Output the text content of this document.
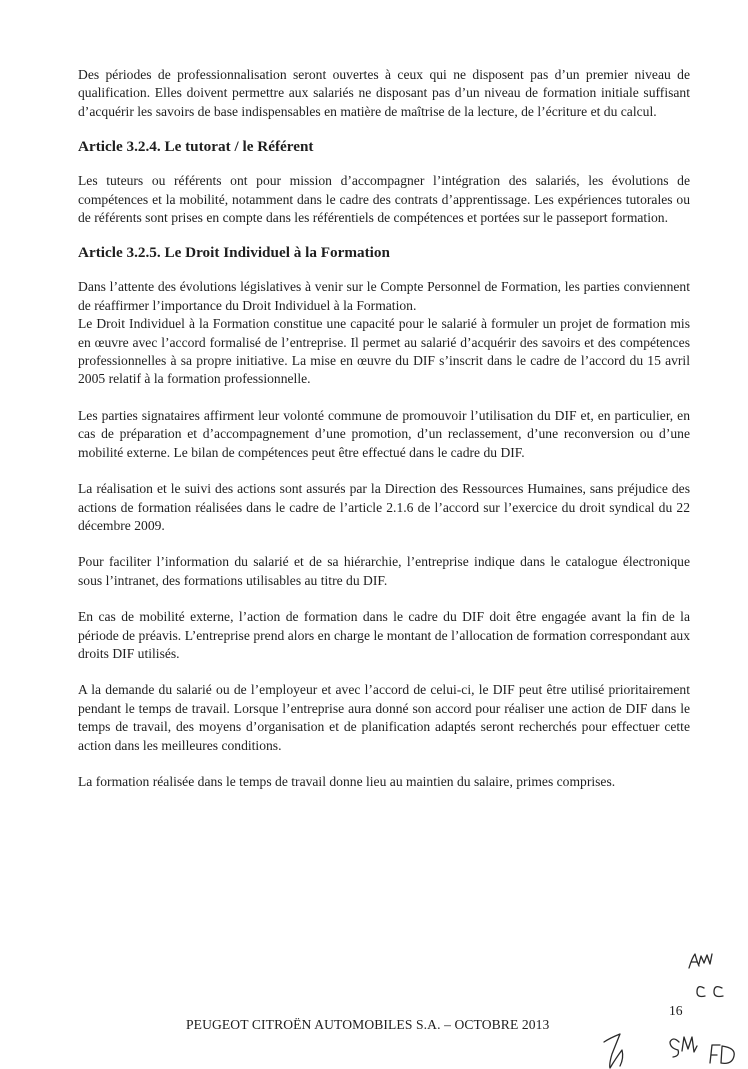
Des périodes de professionnalisation seront ouvertes à ceux qui ne disposent pas d’un premier niveau de qualification. Elles doivent permettre aux salariés ne disposant pas d’un niveau de formation initiale suffisant d’acquérir les savoirs de base indispensables en matière de maîtrise de la lecture, de l’écriture et du calcul.

Article 3.2.4. Le tutorat / le Référent

Les tuteurs ou référents ont pour mission d’accompagner l’intégration des salariés, les évolutions de compétences et la mobilité, notamment dans le cadre des contrats d’apprentissage. Les expériences tutorales ou de référents sont prises en compte dans les référentiels de compétences et portées sur le passeport formation.

Article 3.2.5. Le Droit Individuel à la Formation

Dans l’attente des évolutions législatives à venir sur le Compte Personnel de Formation, les parties conviennent de réaffirmer l’importance du Droit Individuel à la Formation.

Le Droit Individuel à la Formation constitue une capacité pour le salarié à formuler un projet de formation mis en œuvre avec l’accord formalisé de l’entreprise. Il permet au salarié d’acquérir des savoirs et des compétences professionnelles à sa propre initiative. La mise en œuvre du DIF s’inscrit dans le cadre de l’accord du 15 avril 2005 relatif à la formation professionnelle.

Les parties signataires affirment leur volonté commune de promouvoir l’utilisation du DIF et, en particulier, en cas de préparation et d’accompagnement d’une promotion, d’un reclassement, d’une reconversion ou d’une mobilité externe. Le bilan de compétences peut être effectué dans le cadre du DIF.

La réalisation et le suivi des actions sont assurés par la Direction des Ressources Humaines, sans préjudice des actions de formation réalisées dans le cadre de l’article 2.1.6 de l’accord sur l’exercice du droit syndical du 22 décembre 2009.

Pour faciliter l’information du salarié et de sa hiérarchie, l’entreprise indique dans le catalogue électronique sous l’intranet, des formations utilisables au titre du DIF.

En cas de mobilité externe, l’action de formation dans le cadre du DIF doit être engagée avant la fin de la période de préavis. L’entreprise prend alors en charge le montant de l’allocation de formation correspondant aux droits DIF utilisés.

A la demande du salarié ou de l’employeur et avec l’accord de celui-ci, le DIF peut être utilisé prioritairement pendant le temps de travail. Lorsque l’entreprise aura donné son accord pour réaliser une action de DIF dans le temps de travail, des moyens d’organisation et de planification adaptés seront recherchés pour effectuer cette action dans les meilleures conditions.

La formation réalisée dans le temps de travail donne lieu au maintien du salaire, primes comprises.

16
PEUGEOT CITROËN AUTOMOBILES S.A. – OCTOBRE 2013
